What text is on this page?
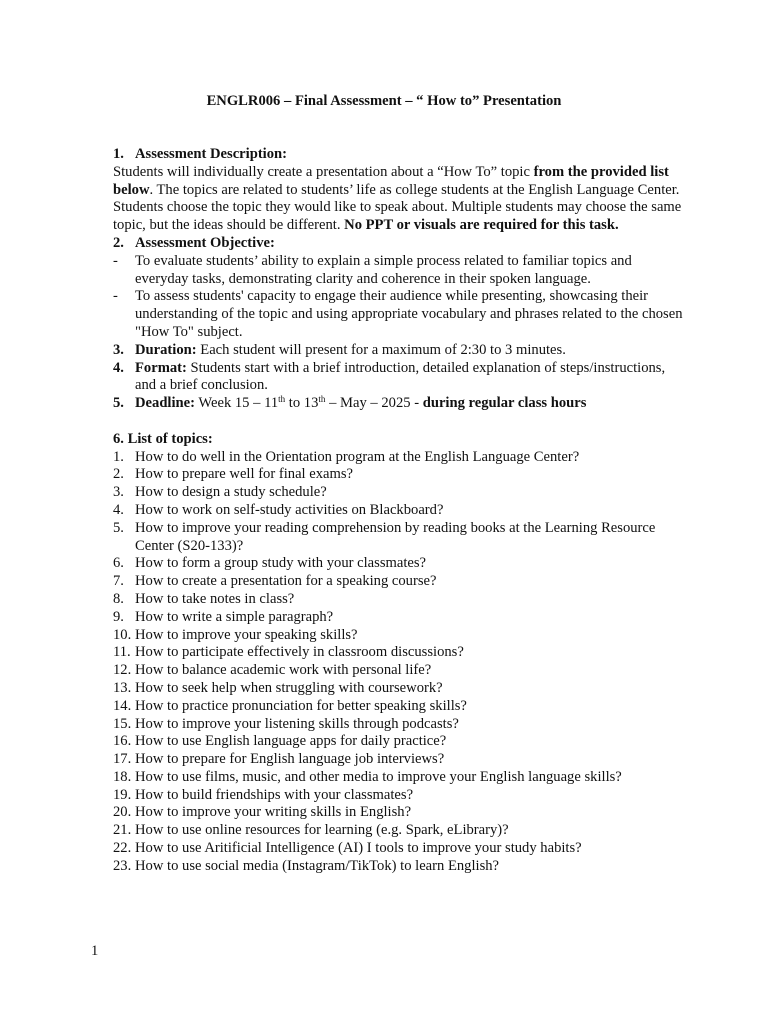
ENGLR006 – Final Assessment – “ How to” Presentation
1. Assessment Description:

Students will individually create a presentation about a “How To” topic from the provided list below. The topics are related to students’ life as college students at the English Language Center. Students choose the topic they would like to speak about. Multiple students may choose the same topic, but the ideas should be different. No PPT or visuals are required for this task.

2. Assessment Objective:
- To evaluate students’ ability to explain a simple process related to familiar topics and everyday tasks, demonstrating clarity and coherence in their spoken language.
- To assess students' capacity to engage their audience while presenting, showcasing their understanding of the topic and using appropriate vocabulary and phrases related to the chosen "How To" subject.
3. Duration: Each student will present for a maximum of 2:30 to 3 minutes.
4. Format: Students start with a brief introduction, detailed explanation of steps/instructions, and a brief conclusion.
5. Deadline: Week 15 – 11th to 13th – May – 2025 - during regular class hours
6. List of topics:
1. How to do well in the Orientation program at the English Language Center?
2. How to prepare well for final exams?
3. How to design a study schedule?
4. How to work on self-study activities on Blackboard?
5. How to improve your reading comprehension by reading books at the Learning Resource Center (S20-133)?
6. How to form a group study with your classmates?
7. How to create a presentation for a speaking course?
8. How to take notes in class?
9. How to write a simple paragraph?
10. How to improve your speaking skills?
11. How to participate effectively in classroom discussions?
12. How to balance academic work with personal life?
13. How to seek help when struggling with coursework?
14. How to practice pronunciation for better speaking skills?
15. How to improve your listening skills through podcasts?
16. How to use English language apps for daily practice?
17. How to prepare for English language job interviews?
18. How to use films, music, and other media to improve your English language skills?
19. How to build friendships with your classmates?
20. How to improve your writing skills in English?
21. How to use online resources for learning (e.g. Spark, eLibrary)?
22. How to use Aritificial Intelligence (AI) I tools to improve your study habits?
23. How to use social media (Instagram/TikTok) to learn English?
1
